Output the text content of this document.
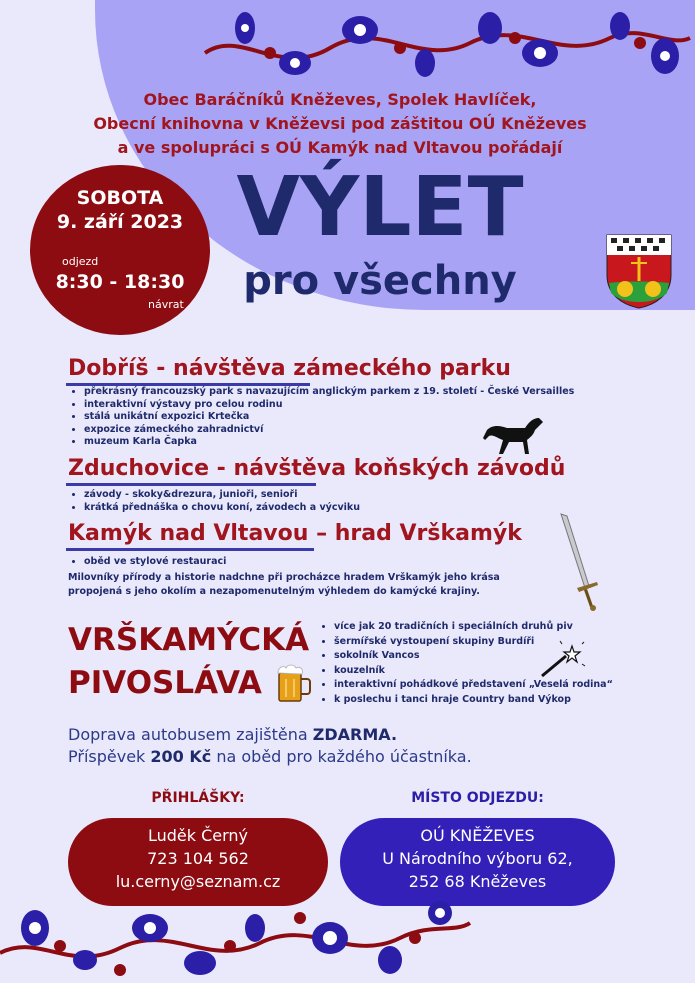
Obec Baráčníků Kněževes, Spolek Havlíček,
Obecní knihovna v Kněževsi pod záštitou OÚ Kněževes
a ve spolupráci s OÚ Kamýk nad Vltavou pořádají
SOBOTA
9. září 2023
odjezd
8:30 - 18:30
návrat
VÝLET
pro všechny
Dobříš - návštěva zámeckého parku
• překrásný francouzský park s navazujícím anglickým parkem z 19. století - České Versailles
• interaktivní výstavy pro celou rodinu
• stálá unikátní expozici Krtečka
• expozice zámeckého zahradnictví
• muzeum Karla Čapka
Zduchovice - návštěva koňských závodů
• závody - skoky&drezura, junioři, senioři
• krátká přednáška o chovu koní, závodech a výcviku
Kamýk nad Vltavou – hrad Vrškamýk
• oběd ve stylové restauraci
Milovníky přírody a historie nadchne při procházce hradem Vrškamýk jeho krása
propojená s jeho okolím a nezapomenutelným výhledem do kamýcké krajiny.
VRŠKAMÝCKÁ
PIVOSLÁVA
• více jak 20 tradičních i speciálních druhů piv
• šermířské vystoupení skupiny Burdíři
• sokolník Vancos
• kouzelník
• interaktivní pohádkové představení „Veselá rodina“
• k poslechu i tanci hraje Country band Výkop
Doprava autobusem zajištěna ZDARMA.
Příspěvek 200 Kč na oběd pro každého účastníka.
PŘIHLÁŠKY:	MÍSTO ODJEZDU:
Luděk Černý
723 104 562
lu.cerny@seznam.cz
OÚ KNĚŽEVES
U Národního výboru 62,
252 68 Kněževes
